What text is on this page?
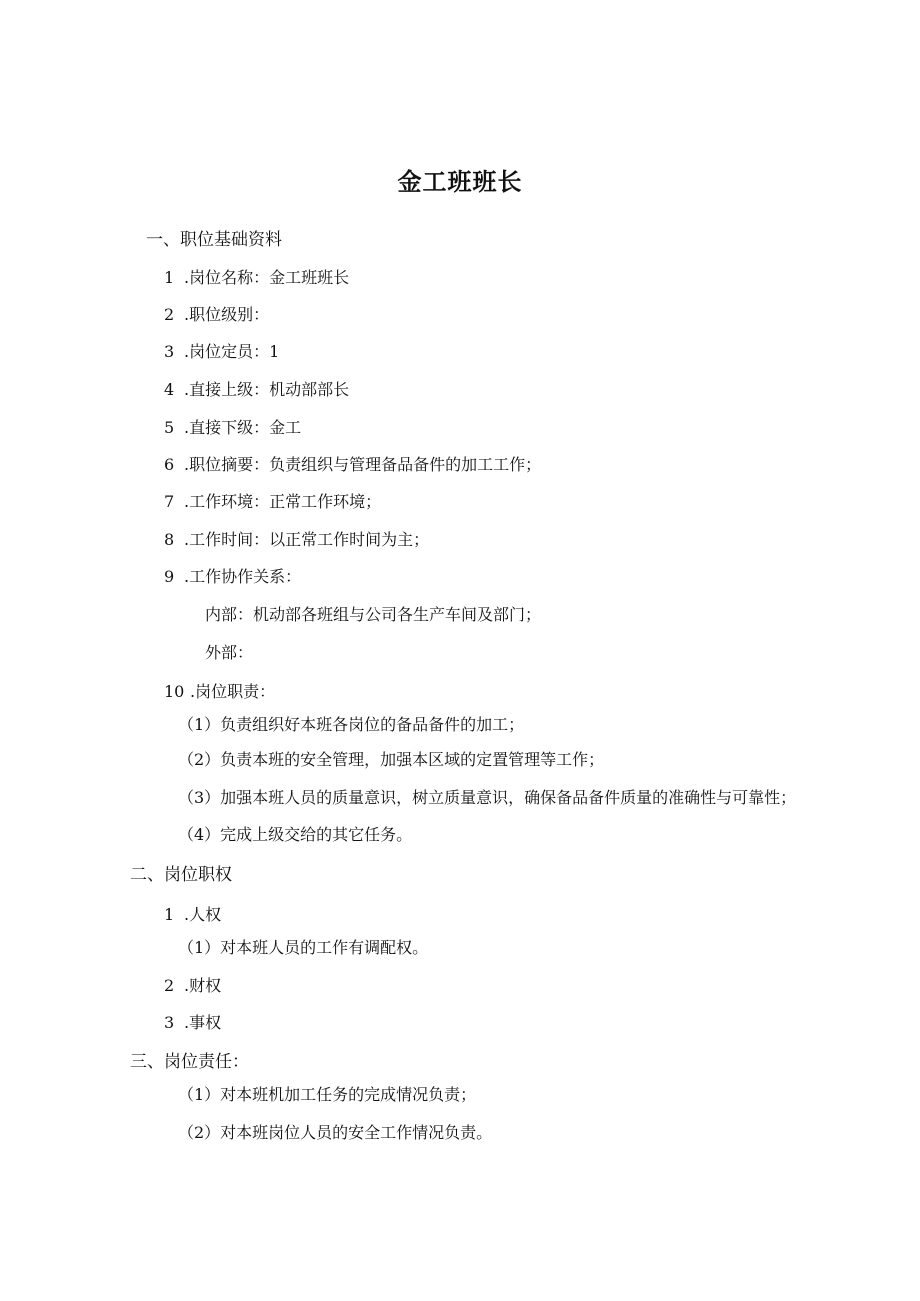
金工班班长
一、职位基础资料
1 .岗位名称：金工班班长
2 .职位级别：
3 .岗位定员：1
4 .直接上级：机动部部长
5 .直接下级：金工
6 .职位摘要：负责组织与管理备品备件的加工工作；
7 .工作环境：正常工作环境；
8 .工作时间：以正常工作时间为主；
9 .工作协作关系：
内部：机动部各班组与公司各生产车间及部门；
外部：
10 .岗位职责：
（1）负责组织好本班各岗位的备品备件的加工；
（2）负责本班的安全管理，加强本区域的定置管理等工作；
（3）加强本班人员的质量意识，树立质量意识，确保备品备件质量的准确性与可靠性；
（4）完成上级交给的其它任务。
二、岗位职权
1 .人权
（1）对本班人员的工作有调配权。
2 .财权
3 .事权
三、岗位责任：
（1）对本班机加工任务的完成情况负责；
（2）对本班岗位人员的安全工作情况负责。
